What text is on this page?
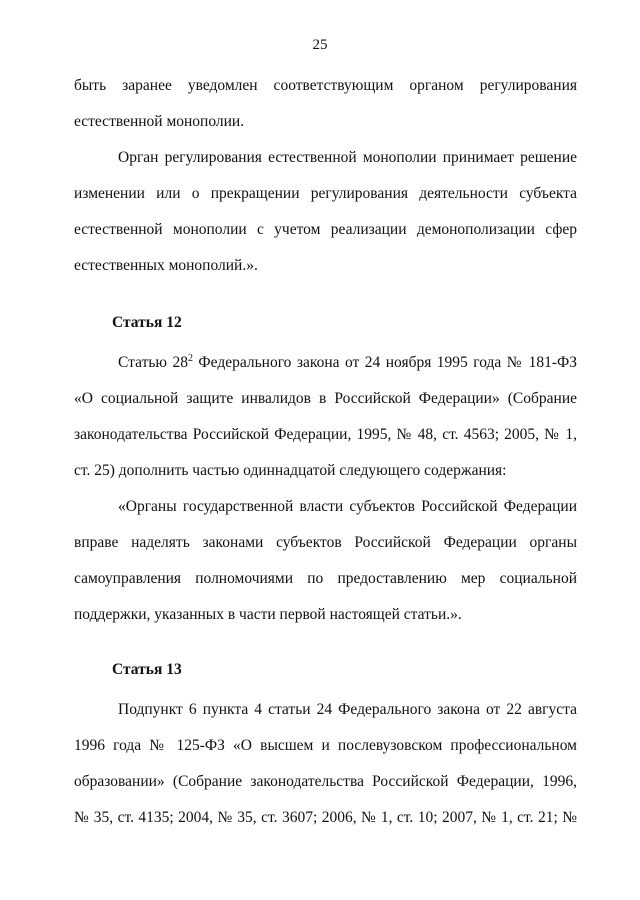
25
быть заранее уведомлен соответствующим органом регулирования
естественной монополии.
Орган регулирования естественной монополии принимает решение
изменении или о прекращении регулирования деятельности субъекта
естественной монополии с учетом реализации демонополизации сфер
естественных монополий.».
Статья 12
Статью $28^2$ Федерального закона от 24 ноября 1995 года № 181-ФЗ
«О социальной защите инвалидов в Российской Федерации» (Собрание
законодательства Российской Федерации, 1995, № 48, ст. 4563; 2005, № 1,
ст. 25) дополнить частью одиннадцатой следующего содержания:
«Органы государственной власти субъектов Российской Федерации
вправе наделять законами субъектов Российской Федерации органы
самоуправления полномочиями по предоставлению мер социальной
поддержки, указанных в части первой настоящей статьи.».
Статья 13
Подпункт 6 пункта 4 статьи 24 Федерального закона от 22 августа
1996 года № 125-ФЗ «О высшем и послевузовском профессиональном
образовании» (Собрание законодательства Российской Федерации, 1996,
№ 35, ст. 4135; 2004, № 35, ст. 3607; 2006, № 1, ст. 10; 2007, № 1, ст. 21; №
